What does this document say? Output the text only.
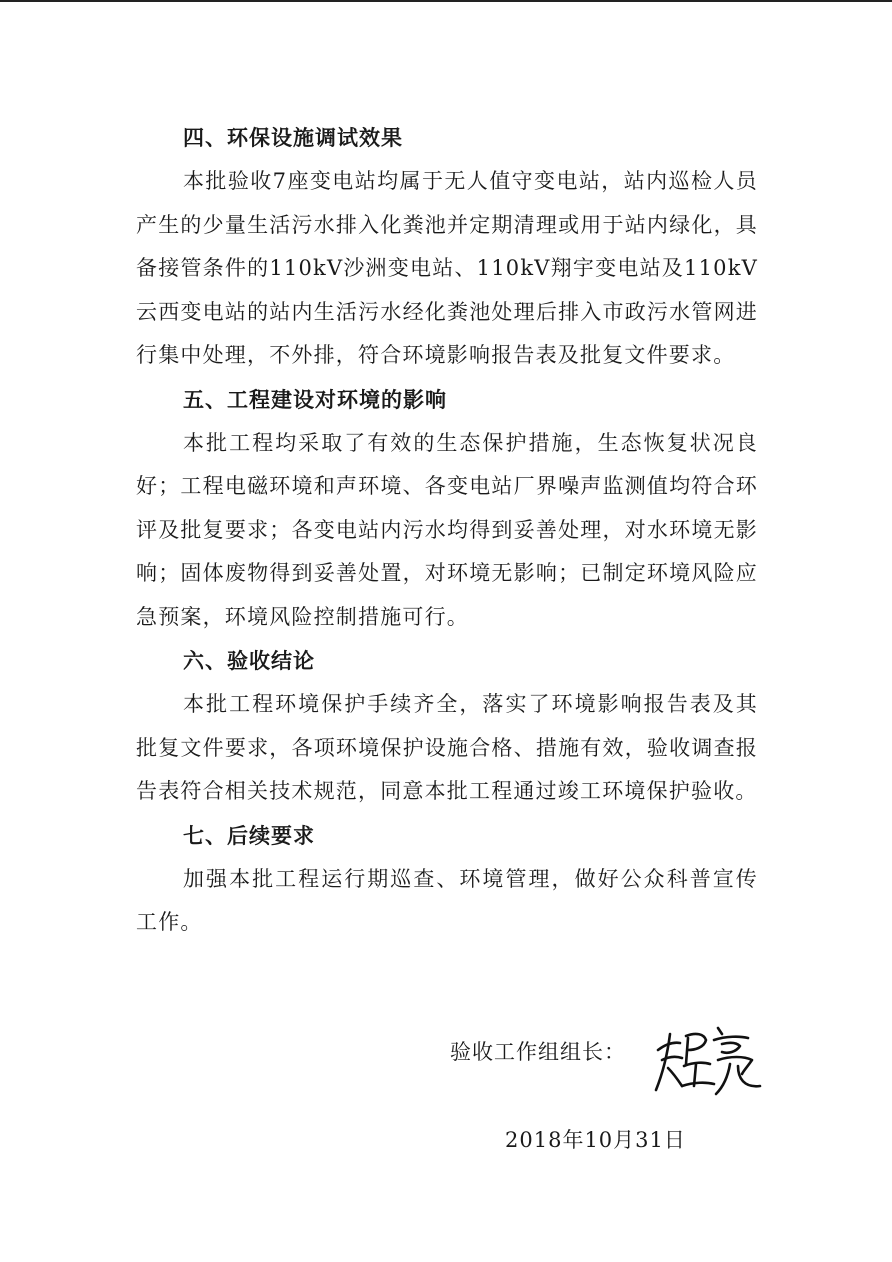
四、环保设施调试效果

本批验收7座变电站均属于无人值守变电站，站内巡检人员产生的少量生活污水排入化粪池并定期清理或用于站内绿化，具备接管条件的110kV沙洲变电站、110kV翔宇变电站及110kV云西变电站的站内生活污水经化粪池处理后排入市政污水管网进行集中处理，不外排，符合环境影响报告表及批复文件要求。

五、工程建设对环境的影响

本批工程均采取了有效的生态保护措施，生态恢复状况良好；工程电磁环境和声环境、各变电站厂界噪声监测值均符合环评及批复要求；各变电站内污水均得到妥善处理，对水环境无影响；固体废物得到妥善处置，对环境无影响；已制定环境风险应急预案，环境风险控制措施可行。

六、验收结论

本批工程环境保护手续齐全，落实了环境影响报告表及其批复文件要求，各项环境保护设施合格、措施有效，验收调查报告表符合相关技术规范，同意本批工程通过竣工环境保护验收。

七、后续要求

加强本批工程运行期巡查、环境管理，做好公众科普宣传工作。

验收工作组组长：
2018年10月31日
